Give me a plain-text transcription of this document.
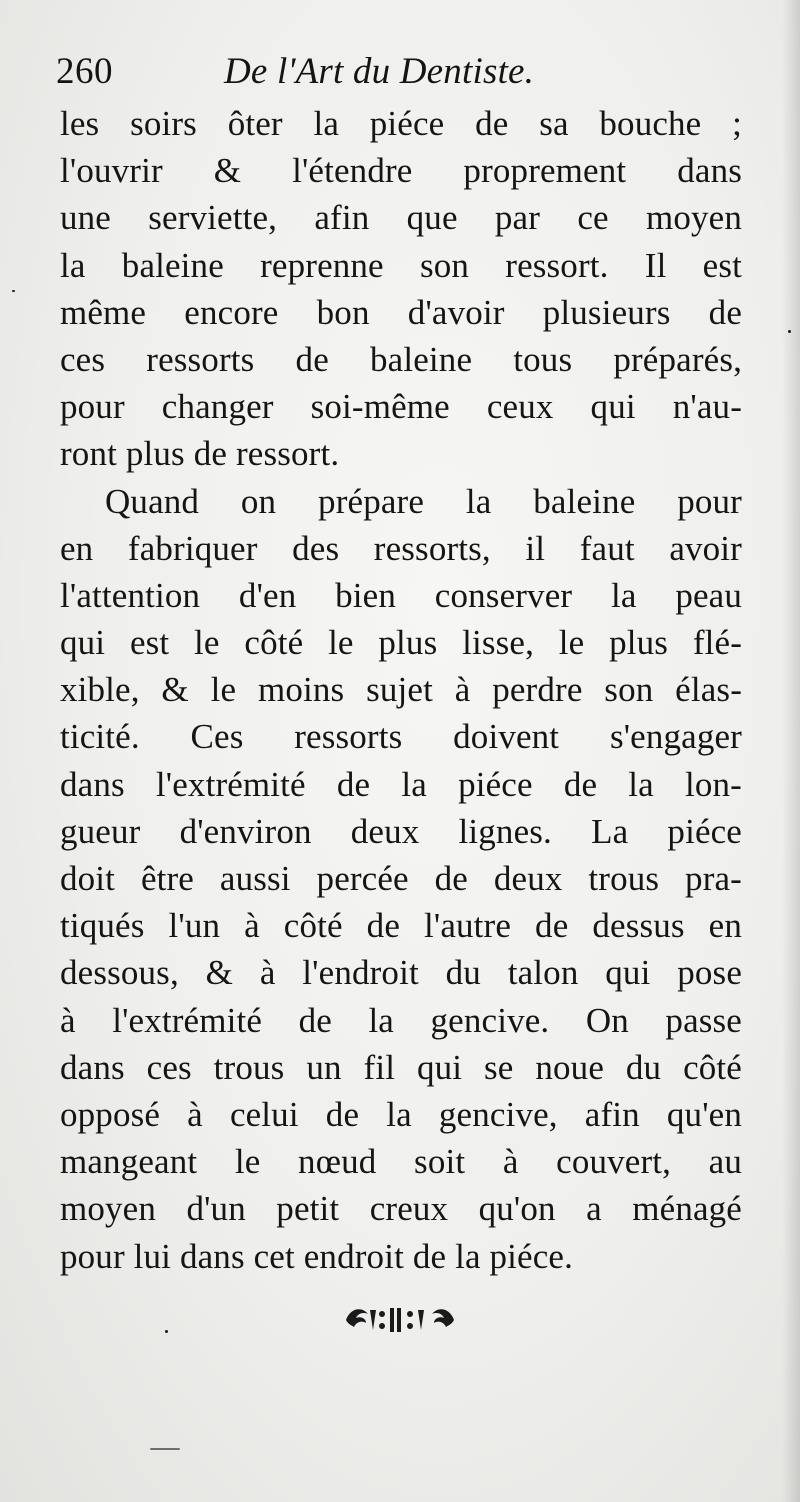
260	De l'Art du Dentiste.
les soirs ôter la piéce de sa bouche ;
l'ouvrir & l'étendre proprement dans
une serviette, afin que par ce moyen
la baleine reprenne son ressort. Il est
même encore bon d'avoir plusieurs de
ces ressorts de baleine tous préparés,
pour changer soi-même ceux qui n'au-
ront plus de ressort.
Quand on prépare la baleine pour
en fabriquer des ressorts, il faut avoir
l'attention d'en bien conserver la peau
qui est le côté le plus lisse, le plus flé-
xible, & le moins sujet à perdre son élas-
ticité. Ces ressorts doivent s'engager
dans l'extrémité de la piéce de la lon-
gueur d'environ deux lignes. La piéce
doit être aussi percée de deux trous pra-
tiqués l'un à côté de l'autre de dessus en
dessous, & à l'endroit du talon qui pose
à l'extrémité de la gencive. On passe
dans ces trous un fil qui se noue du côté
opposé à celui de la gencive, afin qu'en
mangeant le nœud soit à couvert, au
moyen d'un petit creux qu'on a ménagé
pour lui dans cet endroit de la piéce.
